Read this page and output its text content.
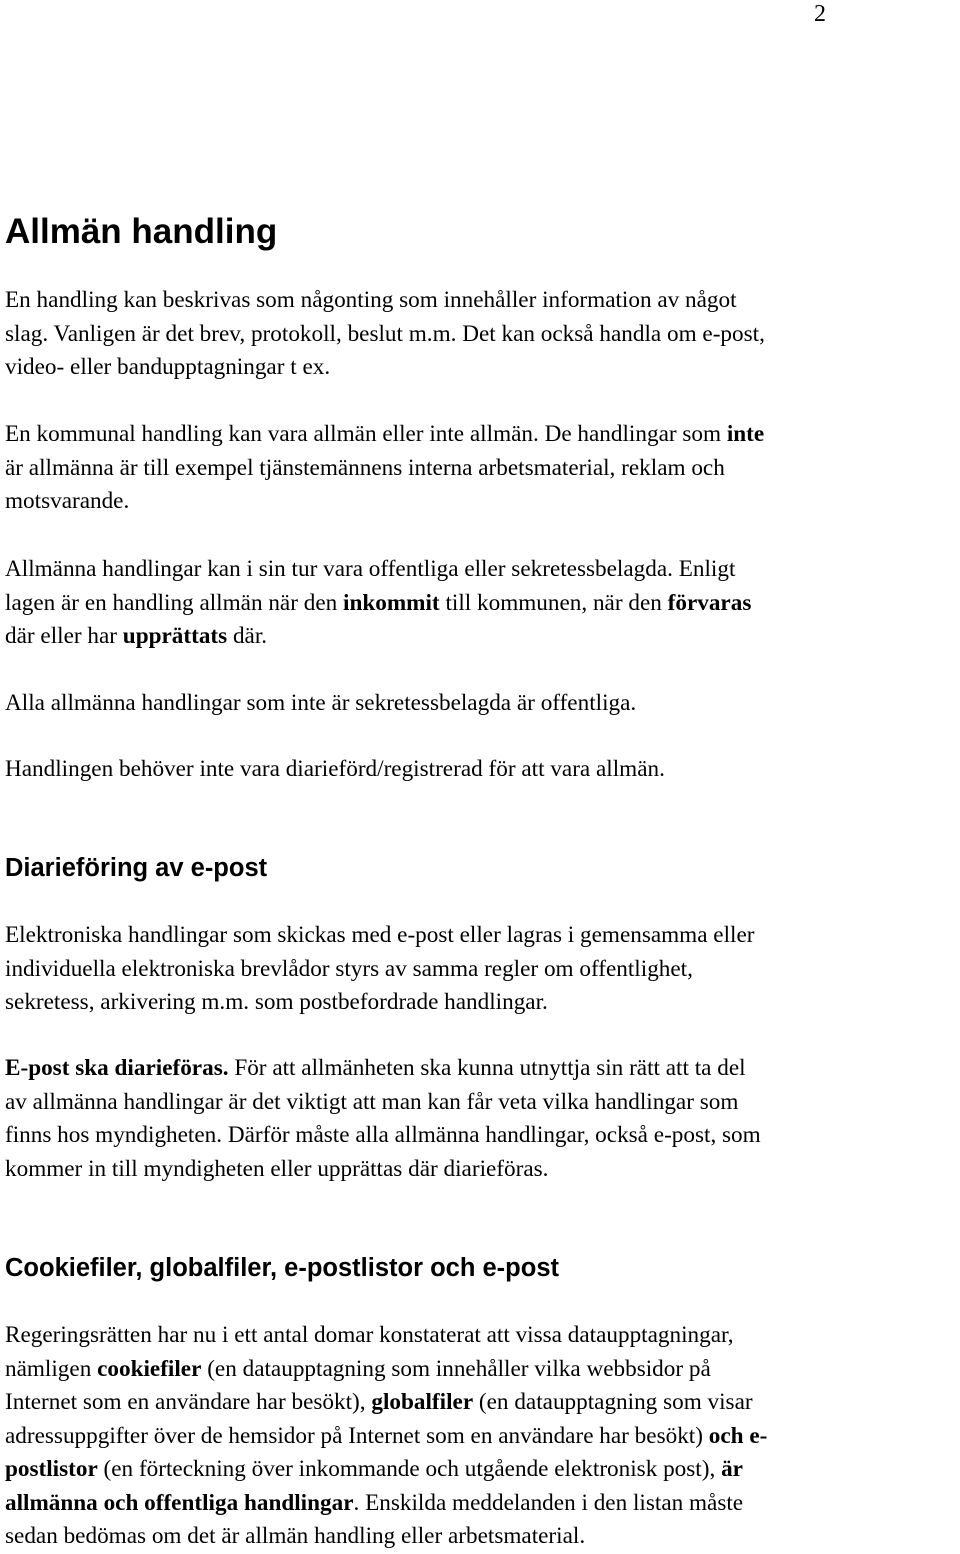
2
Allmän handling

En handling kan beskrivas som någonting som innehåller information av något
slag. Vanligen är det brev, protokoll, beslut m.m. Det kan också handla om e-post,
video- eller bandupptagningar t ex.

En kommunal handling kan vara allmän eller inte allmän. De handlingar som inte
är allmänna är till exempel tjänstemännens interna arbetsmaterial, reklam och
motsvarande.

Allmänna handlingar kan i sin tur vara offentliga eller sekretessbelagda. Enligt
lagen är en handling allmän när den inkommit till kommunen, när den förvaras
där eller har upprättats där.

Alla allmänna handlingar som inte är sekretessbelagda är offentliga.

Handlingen behöver inte vara diarieförd/registrerad för att vara allmän.

Diarieföring av e-post

Elektroniska handlingar som skickas med e-post eller lagras i gemensamma eller
individuella elektroniska brevlådor styrs av samma regler om offentlighet,
sekretess, arkivering m.m. som postbefordrade handlingar.

E-post ska diarieföras. För att allmänheten ska kunna utnyttja sin rätt att ta del
av allmänna handlingar är det viktigt att man kan får veta vilka handlingar som
finns hos myndigheten. Därför måste alla allmänna handlingar, också e-post, som
kommer in till myndigheten eller upprättas där diarieföras.

Cookiefiler, globalfiler, e-postlistor och e-post

Regeringsrätten har nu i ett antal domar konstaterat att vissa dataupptagningar,
nämligen cookiefiler (en dataupptagning som innehåller vilka webbsidor på
Internet som en användare har besökt), globalfiler (en dataupptagning som visar
adressuppgifter över de hemsidor på Internet som en användare har besökt) och e-
postlistor (en förteckning över inkommande och utgående elektronisk post), är
allmänna och offentliga handlingar. Enskilda meddelanden i den listan måste
sedan bedömas om det är allmän handling eller arbetsmaterial.
